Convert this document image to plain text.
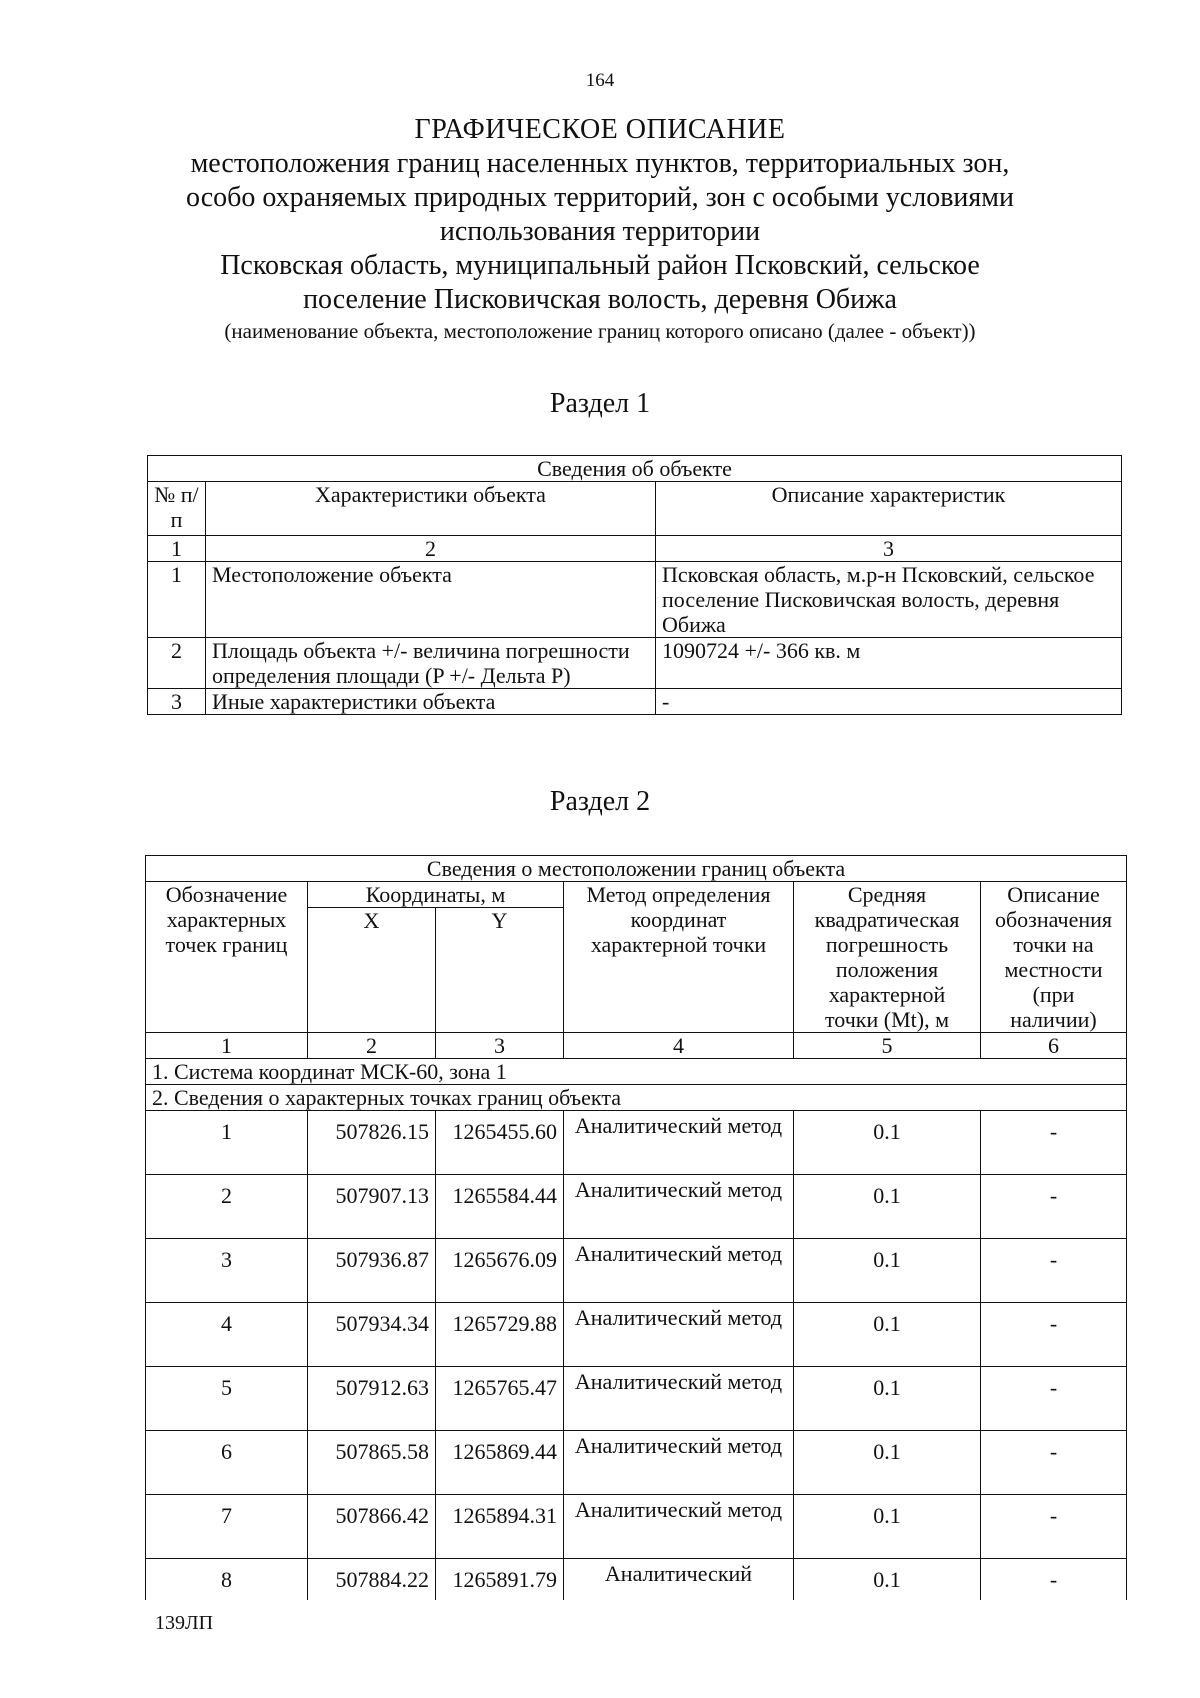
164
ГРАФИЧЕСКОЕ ОПИСАНИЕ
местоположения границ населенных пунктов, территориальных зон,
особо охраняемых природных территорий, зон с особыми условиями
использования территории
Псковская область, муниципальный район Псковский, сельское
поселение Писковичская волость, деревня Обижа
(наименование объекта, местоположение границ которого описано (далее - объект))
Раздел 1
Сведения об объекте		
№ п/п	Характеристики объекта	Описание характеристик
1	2	3
1	Местоположение объекта	Псковская область, м.р-н Псковский, сельское поселение Писковичская волость, деревня Обижа
2	Площадь объекта +/- величина погрешности определения площади (P +/- Дельта P)	1090724 +/- 366 кв. м
3	Иные характеристики объекта	-
Раздел 2
Сведения о местоположении границ объекта					
Обозначение характерных точек границ	Координаты, м		Метод определения координат характерной точки	Средняя квадратическая погрешность положения характерной точки (Mt), м	Описание обозначения точки на местности (при наличии)
	X	Y			
1	2	3	4	5	6
1. Система координат МСК-60, зона 1					
2. Сведения о характерных точках границ объекта					
1	507826.15	1265455.60	Аналитический метод	0.1	-
2	507907.13	1265584.44	Аналитический метод	0.1	-
3	507936.87	1265676.09	Аналитический метод	0.1	-
4	507934.34	1265729.88	Аналитический метод	0.1	-
5	507912.63	1265765.47	Аналитический метод	0.1	-
6	507865.58	1265869.44	Аналитический метод	0.1	-
7	507866.42	1265894.31	Аналитический метод	0.1	-
8	507884.22	1265891.79	Аналитический	0.1	-
139ЛП
